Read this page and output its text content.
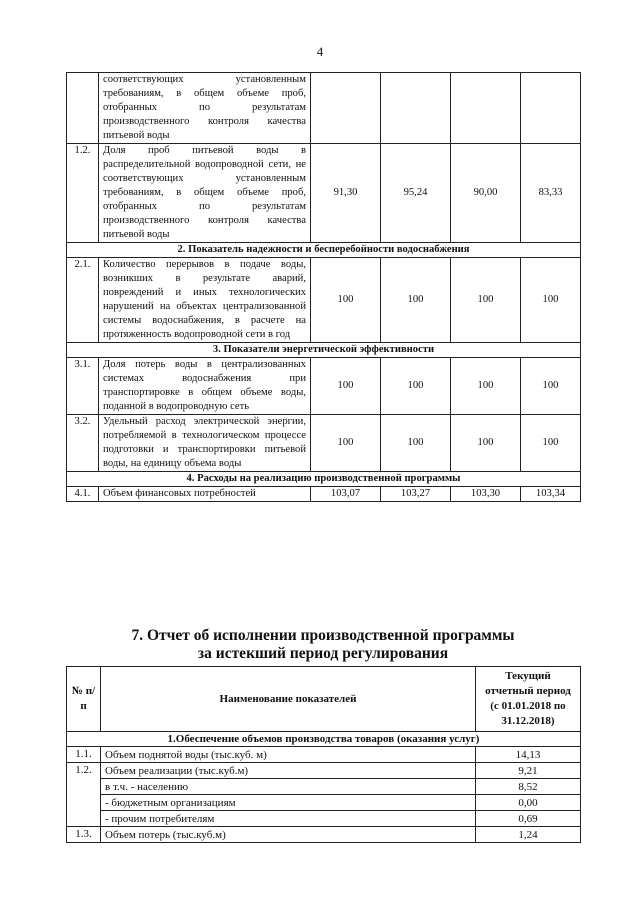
4
	соответствующих установленным требованиям, в общем объеме проб, отобранных по результатам производственного контроля качества питьевой воды				
1.2.	Доля проб питьевой воды в распределительной водопроводной сети, не соответствующих установленным требованиям, в общем объеме проб, отобранных по результатам производственного контроля качества питьевой воды	91,30	95,24	90,00	83,33
2. Показатель надежности и бесперебойности водоснабжения					
2.1.	Количество перерывов в подаче воды, возникших в результате аварий, повреждений и иных технологических нарушений на объектах централизованной системы водоснабжения, в расчете на протяженность водопроводной сети в год	100	100	100	100
3. Показатели энергетической эффективности					
3.1.	Доля потерь воды в централизованных системах водоснабжения при транспортировке в общем объеме воды, поданной в водопроводную сеть	100	100	100	100
3.2.	Удельный расход электрической энергии, потребляемой в технологическом процессе подготовки и транспортировки питьевой воды, на единицу объема воды	100	100	100	100
4. Расходы на реализацию производственной программы					
4.1.	Объем финансовых потребностей	103,07	103,27	103,30	103,34
7. Отчет об исполнении производственной программы
за истекший период регулирования
№ п/п	Наименование показателей	Текущий отчетный период (с 01.01.2018 по 31.12.2018)
1.Обеспечение объемов производства товаров (оказания услуг)		
1.1.	Объем поднятой воды (тыс.куб. м)	14,13
1.2.	Объем реализации (тыс.куб.м)	9,21
	в т.ч. - населению	8,52
	- бюджетным организациям	0,00
	- прочим потребителям	0,69
1.3.	Объем потерь (тыс.куб.м)	1,24
